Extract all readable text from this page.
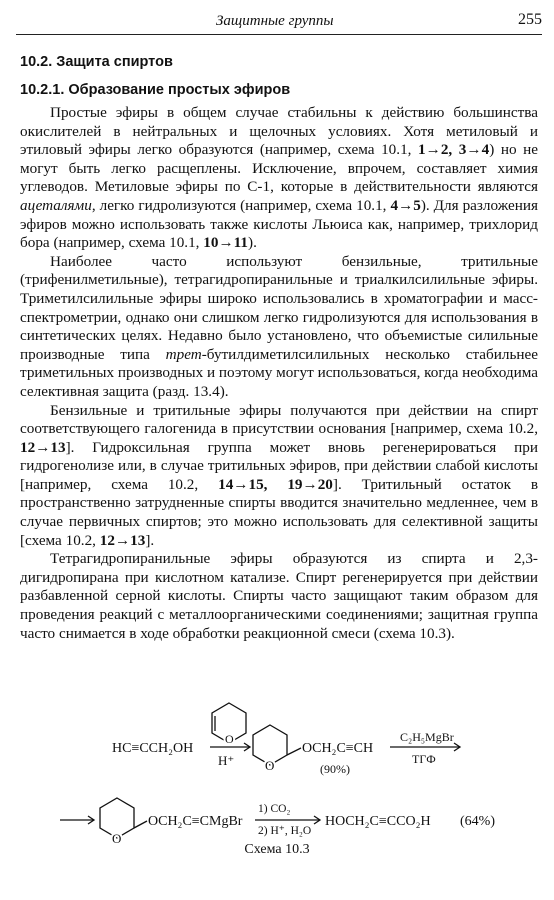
Защитные группы	255
10.2. Защита спиртов
10.2.1. Образование простых эфиров

Простые эфиры в общем случае стабильны к действию большинства окислителей в нейтральных и щелочных условиях. Хотя метиловый и этиловый эфиры легко образуются (например, схема 10.1, 1→2, 3→4) но не могут быть легко расщеплены. Исключение, впрочем, составляет химия углеводов. Метиловые эфиры по С-1, которые в действительности являются ацеталями, легко гидролизуются (например, схема 10.1, 4→5). Для разложения эфиров можно использовать также кислоты Льюиса как, например, трихлорид бора (например, схема 10.1, 10→11).

Наиболее часто используют бензильные, тритильные (трифенилметильные), тетрагидропиранильные и триалкилсилильные эфиры. Триметилсилильные эфиры широко использовались в хроматографии и масс-спектрометрии, однако они слишком легко гидролизуются для использования в синтетических целях. Недавно было установлено, что объемистые силильные производные типа трет-бутилдиметилсилильных несколько стабильнее триметильных производных и поэтому могут использоваться, когда необходима селективная защита (разд. 13.4).

Бензильные и тритильные эфиры получаются при действии на спирт соответствующего галогенида в присутствии основания [например, схема 10.2, 12→13]. Гидроксильная группа может вновь регенерироваться при гидрогенолизе или, в случае тритильных эфиров, при действии слабой кислоты [например, схема 10.2, 14→15, 19→20]. Тритильный остаток в пространственно затрудненные спирты вводится значительно медленнее, чем в случае первичных спиртов; это можно использовать для селективной защиты [схема 10.2, 12→13].

Тетрагидропиранильные эфиры образуются из спирта и 2,3-дигидропирана при кислотном катализе. Спирт регенерируется при действии разбавленной серной кислоты. Спирты часто защищают таким образом для проведения реакций с металлоорганическими соединениями; защитная группа часто снимается в ходе обработки реакционной смеси (схема 10.3).

O
HC≡CCH₂OH
H⁺ O
OCH₂C≡CH
(90%)
C₂H₅MgBr
ТГФ
O
OCH₂C≡CMgBr
1) CO₂
2) H⁺, H₂O
HOCH₂C≡CCO₂H (64%)
Схема 10.3
